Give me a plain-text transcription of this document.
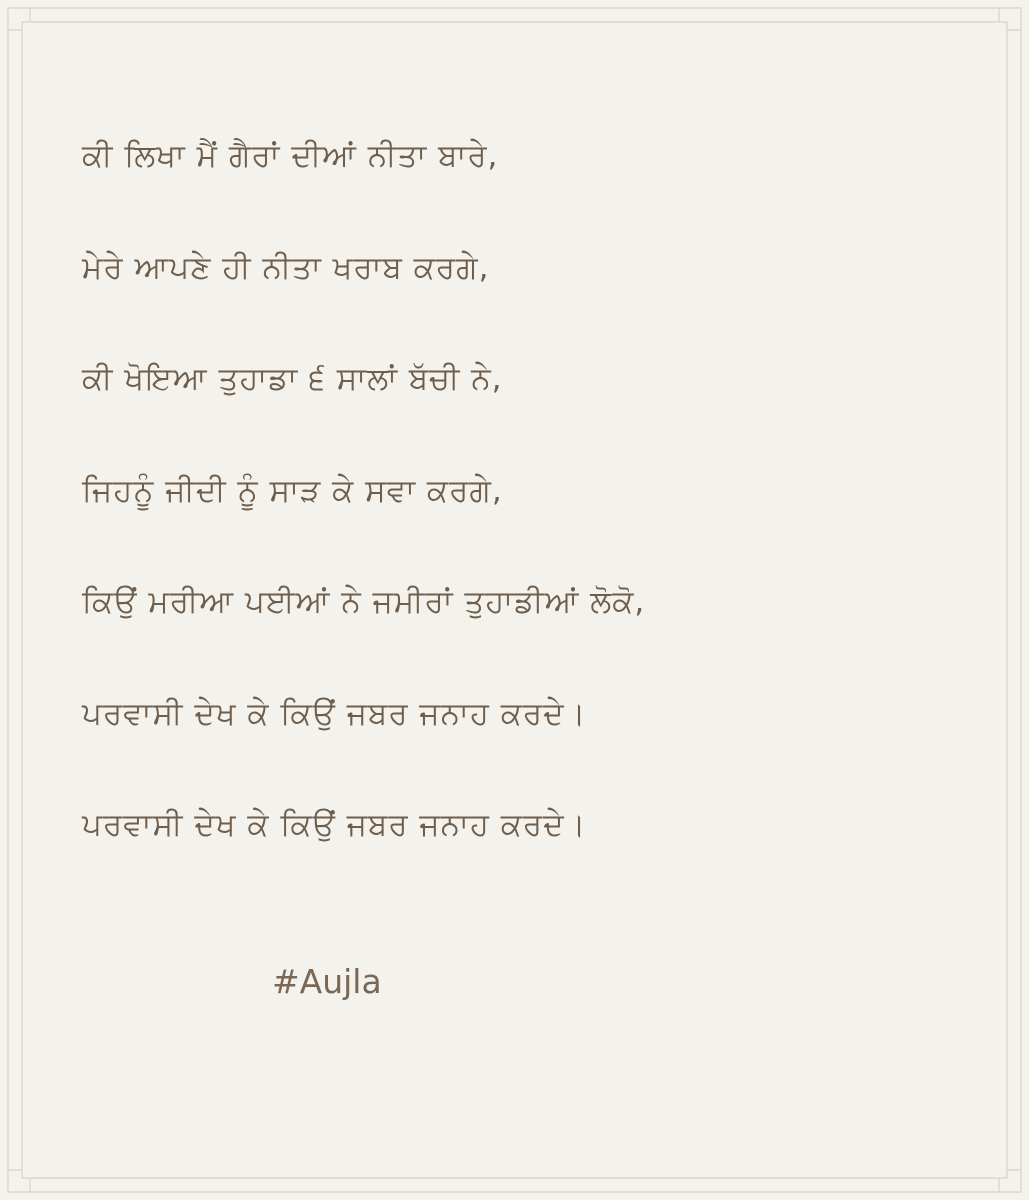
ਕੀ ਲਿਖਾ ਮੈਂ ਗੈਰਾਂ ਦੀਆਂ ਨੀਤਾ ਬਾਰੇ,
ਮੇਰੇ ਆਪਣੇ ਹੀ ਨੀਤਾ ਖਰਾਬ ਕਰਗੇ,
ਕੀ ਖੋਇਆ ਤੁਹਾਡਾ ੬ ਸਾਲਾਂ ਬੱਚੀ ਨੇ,
ਜਿਹਨੂੰ ਜੀਦੀ ਨੂੰ ਸਾੜ ਕੇ ਸਵਾ ਕਰਗੇ,
ਕਿਉਂ ਮਰੀਆ ਪਈਆਂ ਨੇ ਜਮੀਰਾਂ ਤੁਹਾਡੀਆਂ ਲੋਕੋ,
ਪਰਵਾਸੀ ਦੇਖ ਕੇ ਕਿਉਂ ਜਬਰ ਜਨਾਹ ਕਰਦੇ।
ਪਰਵਾਸੀ ਦੇਖ ਕੇ ਕਿਉਂ ਜਬਰ ਜਨਾਹ ਕਰਦੇ।
#Aujla
